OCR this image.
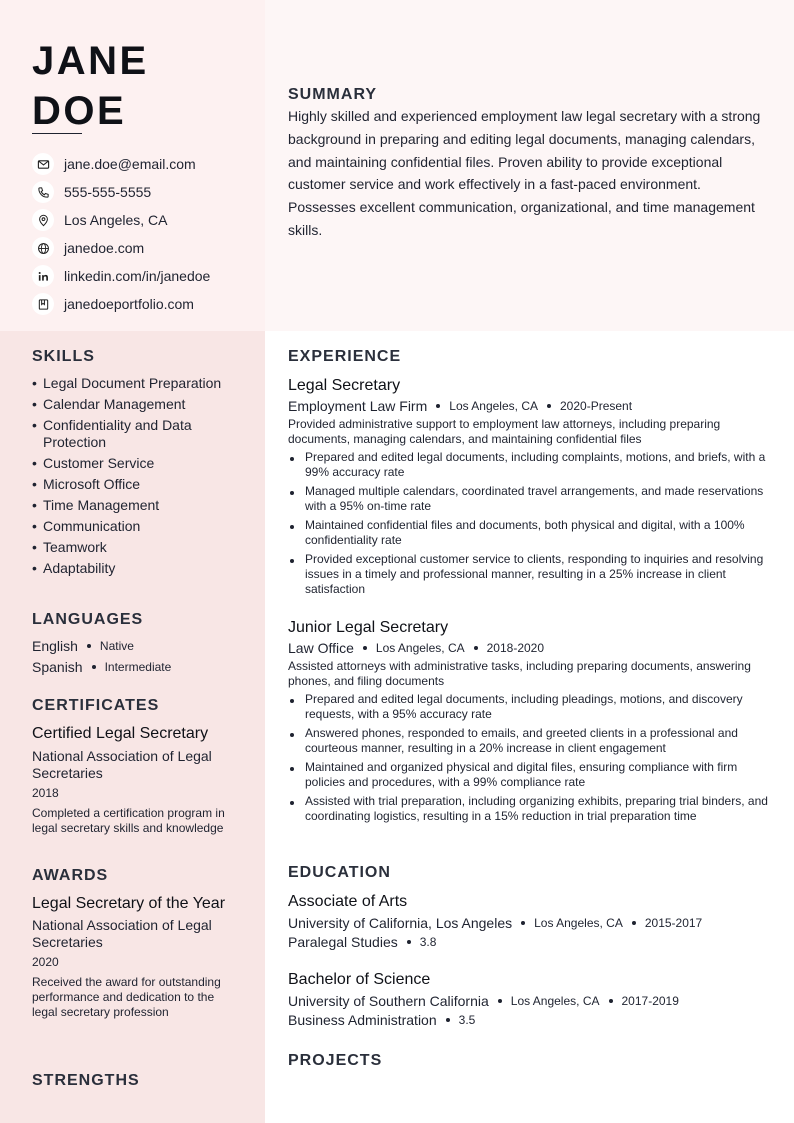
JANE
DOE
jane.doe@email.com
555-555-5555
Los Angeles, CA
janedoe.com
linkedin.com/in/janedoe
janedoeportfolio.com
SUMMARY
Highly skilled and experienced employment law legal secretary with a strong background in preparing and editing legal documents, managing calendars, and maintaining confidential files. Proven ability to provide exceptional customer service and work effectively in a fast-paced environment. Possesses excellent communication, organizational, and time management skills.
SKILLS
• Legal Document Preparation
• Calendar Management
• Confidentiality and Data Protection
• Customer Service
• Microsoft Office
• Time Management
• Communication
• Teamwork
• Adaptability
LANGUAGES
English Native
Spanish Intermediate
CERTIFICATES
Certified Legal Secretary
National Association of Legal Secretaries
2018
Completed a certification program in legal secretary skills and knowledge
AWARDS
Legal Secretary of the Year
National Association of Legal Secretaries
2020
Received the award for outstanding performance and dedication to the legal secretary profession
STRENGTHS
EXPERIENCE
Legal Secretary
Employment Law Firm Los Angeles, CA 2020-Present
Provided administrative support to employment law attorneys, including preparing documents, managing calendars, and maintaining confidential files
Prepared and edited legal documents, including complaints, motions, and briefs, with a 99% accuracy rate
Managed multiple calendars, coordinated travel arrangements, and made reservations with a 95% on-time rate
Maintained confidential files and documents, both physical and digital, with a 100% confidentiality rate
Provided exceptional customer service to clients, responding to inquiries and resolving issues in a timely and professional manner, resulting in a 25% increase in client satisfaction
Junior Legal Secretary
Law Office Los Angeles, CA 2018-2020
Assisted attorneys with administrative tasks, including preparing documents, answering phones, and filing documents
Prepared and edited legal documents, including pleadings, motions, and discovery requests, with a 95% accuracy rate
Answered phones, responded to emails, and greeted clients in a professional and courteous manner, resulting in a 20% increase in client engagement
Maintained and organized physical and digital files, ensuring compliance with firm policies and procedures, with a 99% compliance rate
Assisted with trial preparation, including organizing exhibits, preparing trial binders, and coordinating logistics, resulting in a 15% reduction in trial preparation time
EDUCATION
Associate of Arts
University of California, Los Angeles Los Angeles, CA 2015-2017
Paralegal Studies 3.8
Bachelor of Science
University of Southern California Los Angeles, CA 2017-2019
Business Administration 3.5
PROJECTS
